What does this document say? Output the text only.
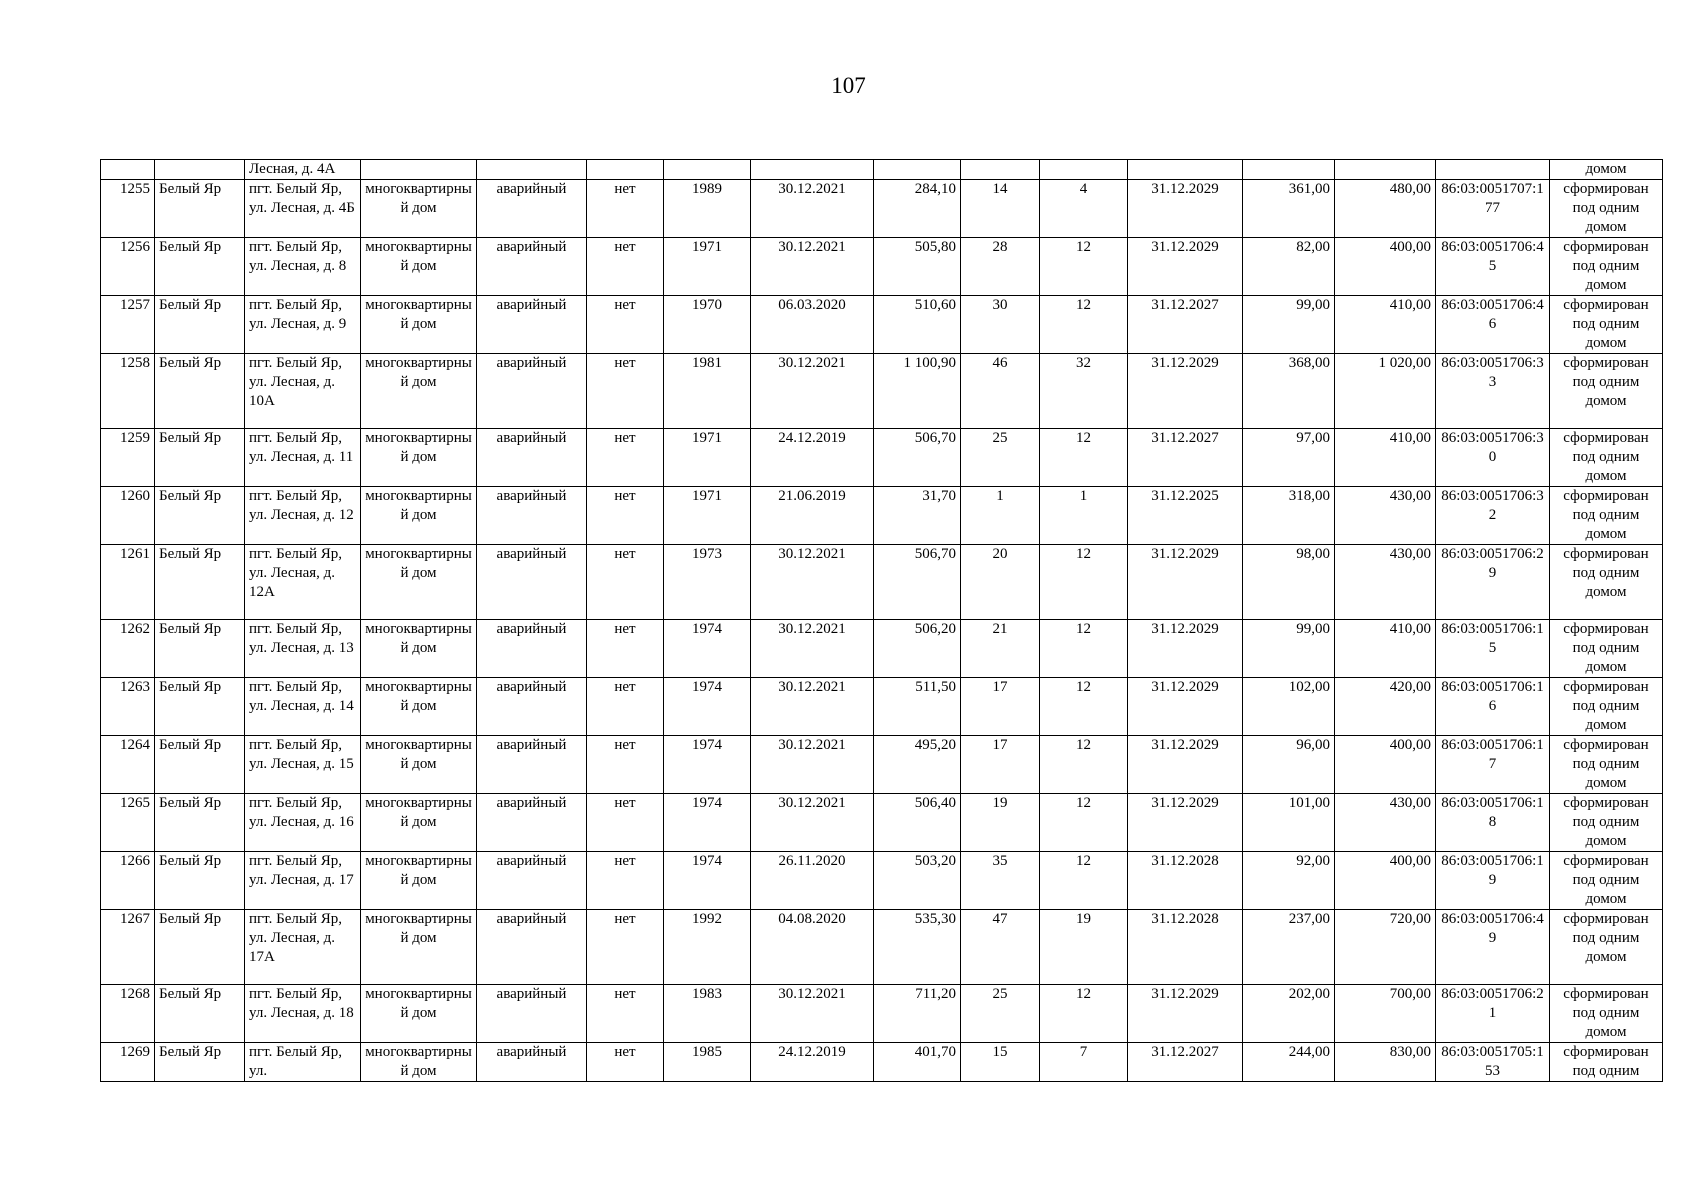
107
		Лесная, д. 4А													домом
1255	Белый Яр	пгт. Белый Яр, ул. Лесная, д. 4Б	многоквартирный дом	аварийный	нет	1989	30.12.2021	284,10	14	4	31.12.2029	361,00	480,00	86:03:0051707:177	сформирован под одним домом
1256	Белый Яр	пгт. Белый Яр, ул. Лесная, д. 8	многоквартирный дом	аварийный	нет	1971	30.12.2021	505,80	28	12	31.12.2029	82,00	400,00	86:03:0051706:45	сформирован под одним домом
1257	Белый Яр	пгт. Белый Яр, ул. Лесная, д. 9	многоквартирный дом	аварийный	нет	1970	06.03.2020	510,60	30	12	31.12.2027	99,00	410,00	86:03:0051706:46	сформирован под одним домом
1258	Белый Яр	пгт. Белый Яр, ул. Лесная, д. 10А	многоквартирный дом	аварийный	нет	1981	30.12.2021	1 100,90	46	32	31.12.2029	368,00	1 020,00	86:03:0051706:33	сформирован под одним домом
1259	Белый Яр	пгт. Белый Яр, ул. Лесная, д. 11	многоквартирный дом	аварийный	нет	1971	24.12.2019	506,70	25	12	31.12.2027	97,00	410,00	86:03:0051706:30	сформирован под одним домом
1260	Белый Яр	пгт. Белый Яр, ул. Лесная, д. 12	многоквартирный дом	аварийный	нет	1971	21.06.2019	31,70	1	1	31.12.2025	318,00	430,00	86:03:0051706:32	сформирован под одним домом
1261	Белый Яр	пгт. Белый Яр, ул. Лесная, д. 12А	многоквартирный дом	аварийный	нет	1973	30.12.2021	506,70	20	12	31.12.2029	98,00	430,00	86:03:0051706:29	сформирован под одним домом
1262	Белый Яр	пгт. Белый Яр, ул. Лесная, д. 13	многоквартирный дом	аварийный	нет	1974	30.12.2021	506,20	21	12	31.12.2029	99,00	410,00	86:03:0051706:15	сформирован под одним домом
1263	Белый Яр	пгт. Белый Яр, ул. Лесная, д. 14	многоквартирный дом	аварийный	нет	1974	30.12.2021	511,50	17	12	31.12.2029	102,00	420,00	86:03:0051706:16	сформирован под одним домом
1264	Белый Яр	пгт. Белый Яр, ул. Лесная, д. 15	многоквартирный дом	аварийный	нет	1974	30.12.2021	495,20	17	12	31.12.2029	96,00	400,00	86:03:0051706:17	сформирован под одним домом
1265	Белый Яр	пгт. Белый Яр, ул. Лесная, д. 16	многоквартирный дом	аварийный	нет	1974	30.12.2021	506,40	19	12	31.12.2029	101,00	430,00	86:03:0051706:18	сформирован под одним домом
1266	Белый Яр	пгт. Белый Яр, ул. Лесная, д. 17	многоквартирный дом	аварийный	нет	1974	26.11.2020	503,20	35	12	31.12.2028	92,00	400,00	86:03:0051706:19	сформирован под одним домом
1267	Белый Яр	пгт. Белый Яр, ул. Лесная, д. 17А	многоквартирный дом	аварийный	нет	1992	04.08.2020	535,30	47	19	31.12.2028	237,00	720,00	86:03:0051706:49	сформирован под одним домом
1268	Белый Яр	пгт. Белый Яр, ул. Лесная, д. 18	многоквартирный дом	аварийный	нет	1983	30.12.2021	711,20	25	12	31.12.2029	202,00	700,00	86:03:0051706:21	сформирован под одним домом
1269	Белый Яр	пгт. Белый Яр, ул.	многоквартирный дом	аварийный	нет	1985	24.12.2019	401,70	15	7	31.12.2027	244,00	830,00	86:03:0051705:153	сформирован под одним
